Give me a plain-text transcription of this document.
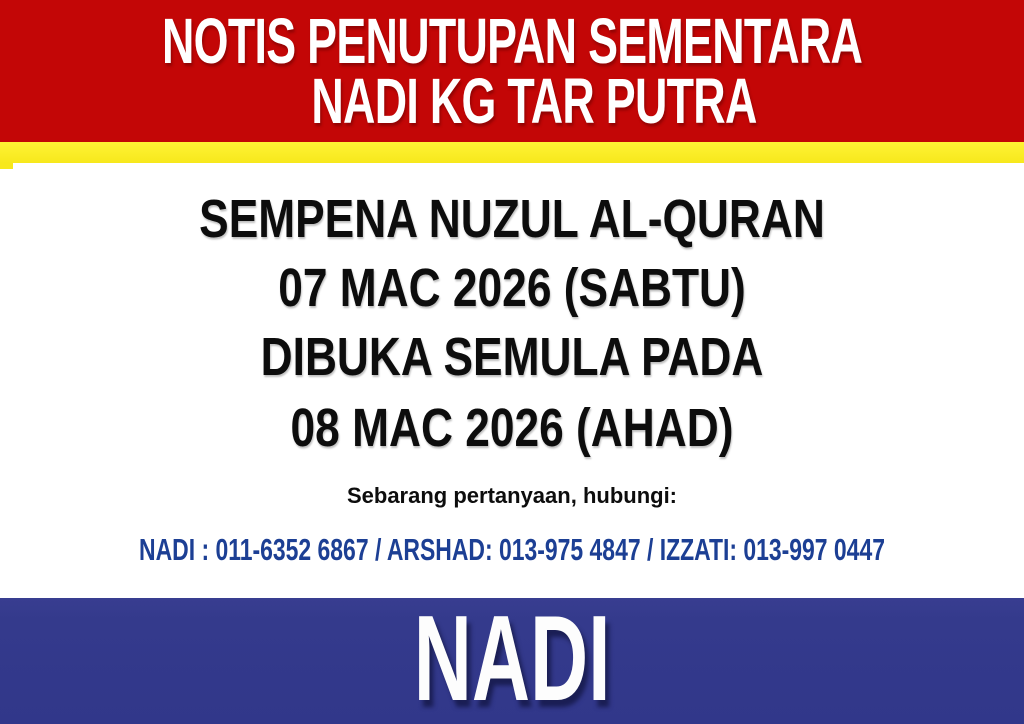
NOTIS PENUTUPAN SEMENTARA
NADI KG TAR PUTRA
SEMPENA NUZUL AL-QURAN
07 MAC 2026 (SABTU)
DIBUKA SEMULA PADA
08 MAC 2026 (AHAD)
Sebarang pertanyaan, hubungi:
NADI : 011-6352 6867 / ARSHAD: 013-975 4847 / IZZATI: 013-997 0447
NADI
